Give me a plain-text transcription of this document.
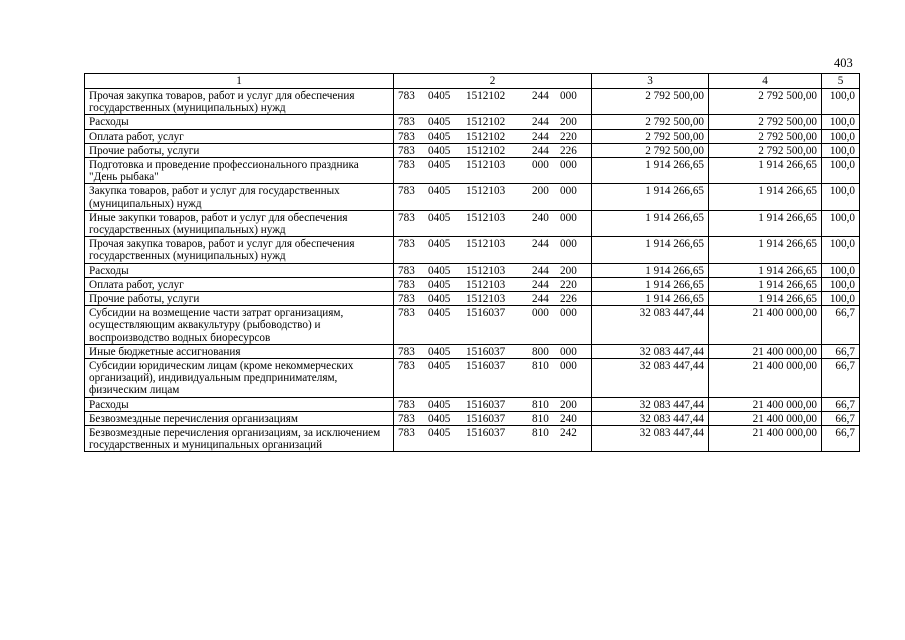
403
1	2	3	4	5
Прочая закупка товаров, работ и услуг для обеспечения государственных (муниципальных) нужд	783 0405 1512102 244 000	2 792 500,00	2 792 500,00	100,0
Расходы	783 0405 1512102 244 200	2 792 500,00	2 792 500,00	100,0
Оплата работ, услуг	783 0405 1512102 244 220	2 792 500,00	2 792 500,00	100,0
Прочие работы, услуги	783 0405 1512102 244 226	2 792 500,00	2 792 500,00	100,0
Подготовка и проведение профессионального праздника "День рыбака"	783 0405 1512103 000 000	1 914 266,65	1 914 266,65	100,0
Закупка товаров, работ и услуг для государственных (муниципальных) нужд	783 0405 1512103 200 000	1 914 266,65	1 914 266,65	100,0
Иные закупки товаров, работ и услуг для обеспечения государственных (муниципальных) нужд	783 0405 1512103 240 000	1 914 266,65	1 914 266,65	100,0
Прочая закупка товаров, работ и услуг для обеспечения государственных (муниципальных) нужд	783 0405 1512103 244 000	1 914 266,65	1 914 266,65	100,0
Расходы	783 0405 1512103 244 200	1 914 266,65	1 914 266,65	100,0
Оплата работ, услуг	783 0405 1512103 244 220	1 914 266,65	1 914 266,65	100,0
Прочие работы, услуги	783 0405 1512103 244 226	1 914 266,65	1 914 266,65	100,0
Субсидии на возмещение части затрат организациям, осуществляющим аквакультуру (рыбоводство) и воспроизводство водных биоресурсов	783 0405 1516037 000 000	32 083 447,44	21 400 000,00	66,7
Иные бюджетные ассигнования	783 0405 1516037 800 000	32 083 447,44	21 400 000,00	66,7
Субсидии юридическим лицам (кроме некоммерческих организаций), индивидуальным предпринимателям, физическим лицам	783 0405 1516037 810 000	32 083 447,44	21 400 000,00	66,7
Расходы	783 0405 1516037 810 200	32 083 447,44	21 400 000,00	66,7
Безвозмездные перечисления организациям	783 0405 1516037 810 240	32 083 447,44	21 400 000,00	66,7
Безвозмездные перечисления организациям, за исключением государственных и муниципальных организаций	783 0405 1516037 810 242	32 083 447,44	21 400 000,00	66,7
